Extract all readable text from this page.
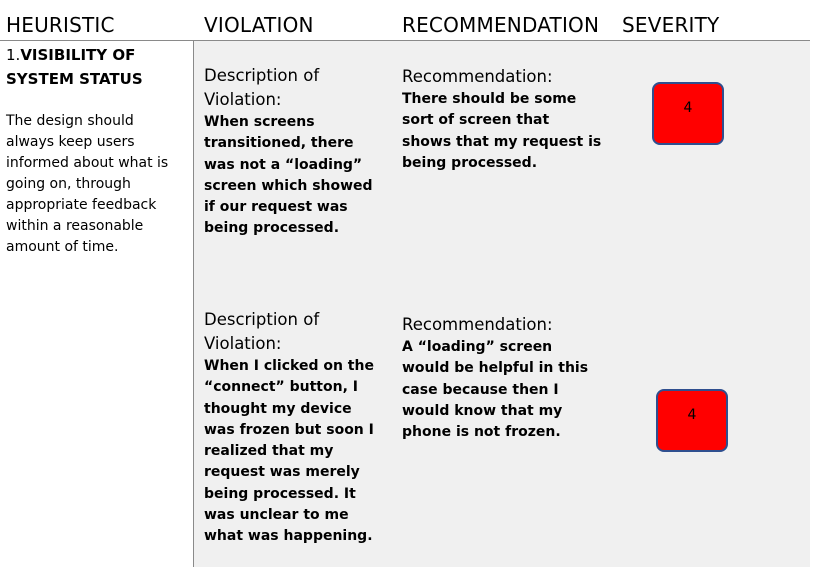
HEURISTIC	VIOLATION	RECOMMENDATION SEVERITY
1.VISIBILITY OF
SYSTEM STATUS
The design should always keep users informed about what is going on, through appropriate feedback within a reasonable amount of time.
Description of Violation:
When screens transitioned, there was not a “loading” screen which showed if our request was being processed.
Recommendation:
There should be some sort of screen that shows that my request is being processed.
4
Description of Violation:
When I clicked on the “connect” button, I thought my device was frozen but soon I realized that my request was merely being processed. It was unclear to me what was happening.
Recommendation:
A “loading” screen would be helpful in this case because then I would know that my phone is not frozen.
4
